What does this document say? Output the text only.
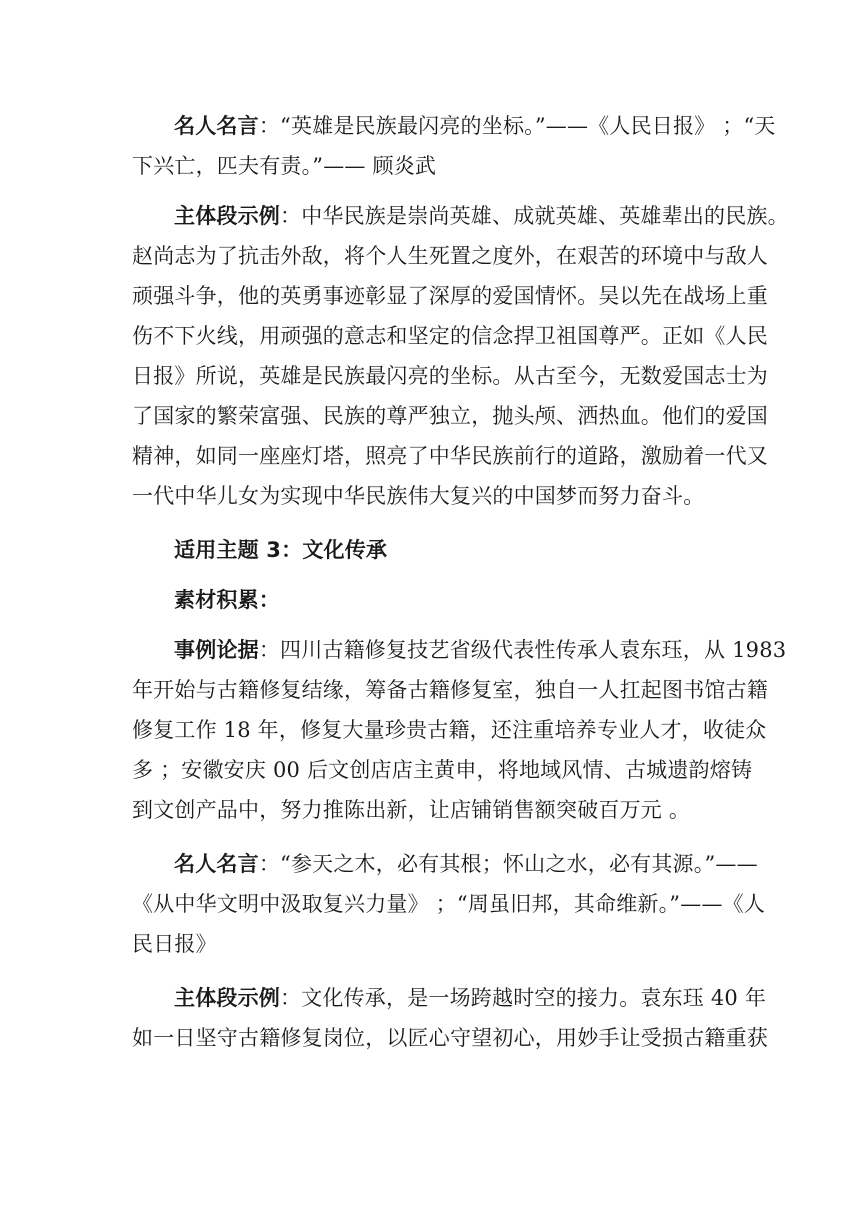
名人名言：“英雄是民族最闪亮的坐标。”——《人民日报》 ；“天
下兴亡，匹夫有责。”—— 顾炎武
主体段示例：中华民族是崇尚英雄、成就英雄、英雄辈出的民族。
赵尚志为了抗击外敌，将个人生死置之度外，在艰苦的环境中与敌人
顽强斗争，他的英勇事迹彰显了深厚的爱国情怀。吴以先在战场上重
伤不下火线，用顽强的意志和坚定的信念捍卫祖国尊严。正如《人民
日报》所说，英雄是民族最闪亮的坐标。从古至今，无数爱国志士为
了国家的繁荣富强、民族的尊严独立，抛头颅、洒热血。他们的爱国
精神，如同一座座灯塔，照亮了中华民族前行的道路，激励着一代又
一代中华儿女为实现中华民族伟大复兴的中国梦而努力奋斗。
适用主题 3：文化传承
素材积累：
事例论据：四川古籍修复技艺省级代表性传承人袁东珏，从 1983
年开始与古籍修复结缘，筹备古籍修复室，独自一人扛起图书馆古籍
修复工作 18 年，修复大量珍贵古籍，还注重培养专业人才，收徒众
多 ；安徽安庆 00 后文创店店主黄申，将地域风情、古城遗韵熔铸
到文创产品中，努力推陈出新，让店铺销售额突破百万元 。
名人名言：“参天之木，必有其根；怀山之水，必有其源。”——
《从中华文明中汲取复兴力量》 ；“周虽旧邦，其命维新。”——《人
民日报》
主体段示例：文化传承，是一场跨越时空的接力。袁东珏 40 年
如一日坚守古籍修复岗位，以匠心守望初心，用妙手让受损古籍重获
